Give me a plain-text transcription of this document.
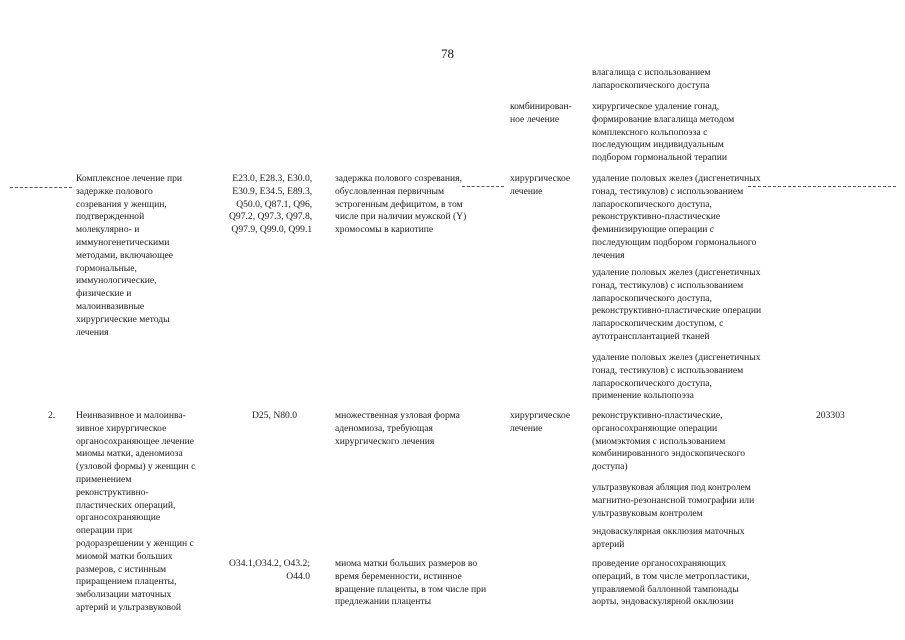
78
влагалища с использованием
лапароскопического доступа
комбинирован-
ное лечение
хирургическое удаление гонад,
формирование влагалища методом
комплексного кольпопоэза с
последующим индивидуальным
подбором гормональной терапии
Комплексное лечение при
задержке полового
созревания у женщин,
подтвержденной
молекулярно- и
иммуногенетическими
методами, включающее
гормональные,
иммунологические,
физические и
малоинвазивные
хирургические методы
лечения
E23.0, E28.3, E30.0,
E30.9, E34.5, E89.3,
Q50.0, Q87.1, Q96,
Q97.2, Q97.3, Q97.8,
Q97.9, Q99.0, Q99.1
задержка полового созревания,
обусловленная первичным
эстрогенным дефицитом, в том
числе при наличии мужской (Y)
хромосомы в кариотипе
хирургическое
лечение
удаление половых желез (дисгенетичных
гонад, тестикулов) с использованием
лапароскопического доступа,
реконструктивно-пластические
феминизирующие операции с
последующим подбором гормонального
лечения
удаление половых желез (дисгенетичных
гонад, тестикулов) с использованием
лапароскопического доступа,
реконструктивно-пластические операции
лапароскопическим доступом, с
аутотрансплантацией тканей
удаление половых желез (дисгенетичных
гонад, тестикулов) с использованием
лапароскопического доступа,
применение кольпопоэза
2. Неинвазивное и малоинва-
зивное хирургическое
органосохраняющее лечение
миомы матки, аденомиоза
(узловой формы) у женщин с
применением
реконструктивно-
пластических операций,
органосохраняющие
операции при
родоразрешении у женщин с
миомой матки больших
размеров, с истинным
приращением плаценты,
эмболизации маточных
артерий и ультразвуковой
D25, N80.0	множественная узловая форма
аденомиоза, требующая
хирургического лечения
хирургическое
лечение
реконструктивно-пластические,
органосохраняющие операции
(миомэктомия с использованием
комбинированного эндоскопического
доступа)
ультразвуковая абляция под контролем
магнитно-резонансной томографии или
ультразвуковым контролем
эндоваскулярная окклюзия маточных
артерий
203303
O34.1,O34.2, O43.2;
O44.0
миома матки больших размеров во
время беременности, истинное
вращение плаценты, в том числе при
предлежании плаценты
проведение органосохраняющих
операций, в том числе метропластики,
управляемой баллонной тампонады
аорты, эндоваскулярной окклюзии
